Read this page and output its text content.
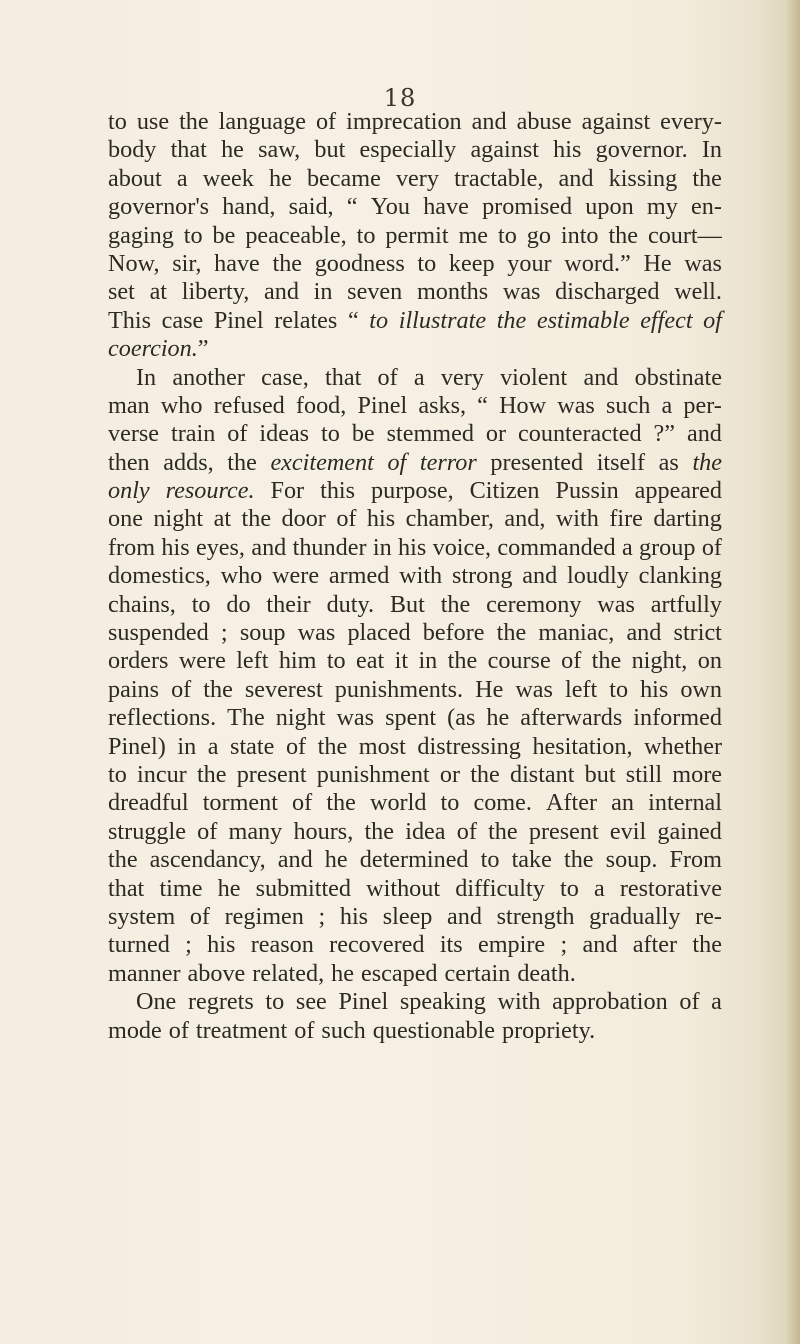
18
to use the language of imprecation and abuse against every-
body that he saw, but especially against his governor. In
about a week he became very tractable, and kissing the
governor's hand, said, “ You have promised upon my en-
gaging to be peaceable, to permit me to go into the court—
Now, sir, have the goodness to keep your word.” He was
set at liberty, and in seven months was discharged well.
This case Pinel relates “ to illustrate the estimable effect of
coercion.”
In another case, that of a very violent and obstinate
man who refused food, Pinel asks, “ How was such a per-
verse train of ideas to be stemmed or counteracted ?” and
then adds, the excitement of terror presented itself as the
only resource. For this purpose, Citizen Pussin appeared
one night at the door of his chamber, and, with fire darting
from his eyes, and thunder in his voice, commanded a group of
domestics, who were armed with strong and loudly clanking
chains, to do their duty. But the ceremony was artfully
suspended ; soup was placed before the maniac, and strict
orders were left him to eat it in the course of the night, on
pains of the severest punishments. He was left to his own
reflections. The night was spent (as he afterwards informed
Pinel) in a state of the most distressing hesitation, whether
to incur the present punishment or the distant but still more
dreadful torment of the world to come. After an internal
struggle of many hours, the idea of the present evil gained
the ascendancy, and he determined to take the soup. From
that time he submitted without difficulty to a restorative
system of regimen ; his sleep and strength gradually re-
turned ; his reason recovered its empire ; and after the
manner above related, he escaped certain death.
One regrets to see Pinel speaking with approbation of a
mode of treatment of such questionable propriety.
